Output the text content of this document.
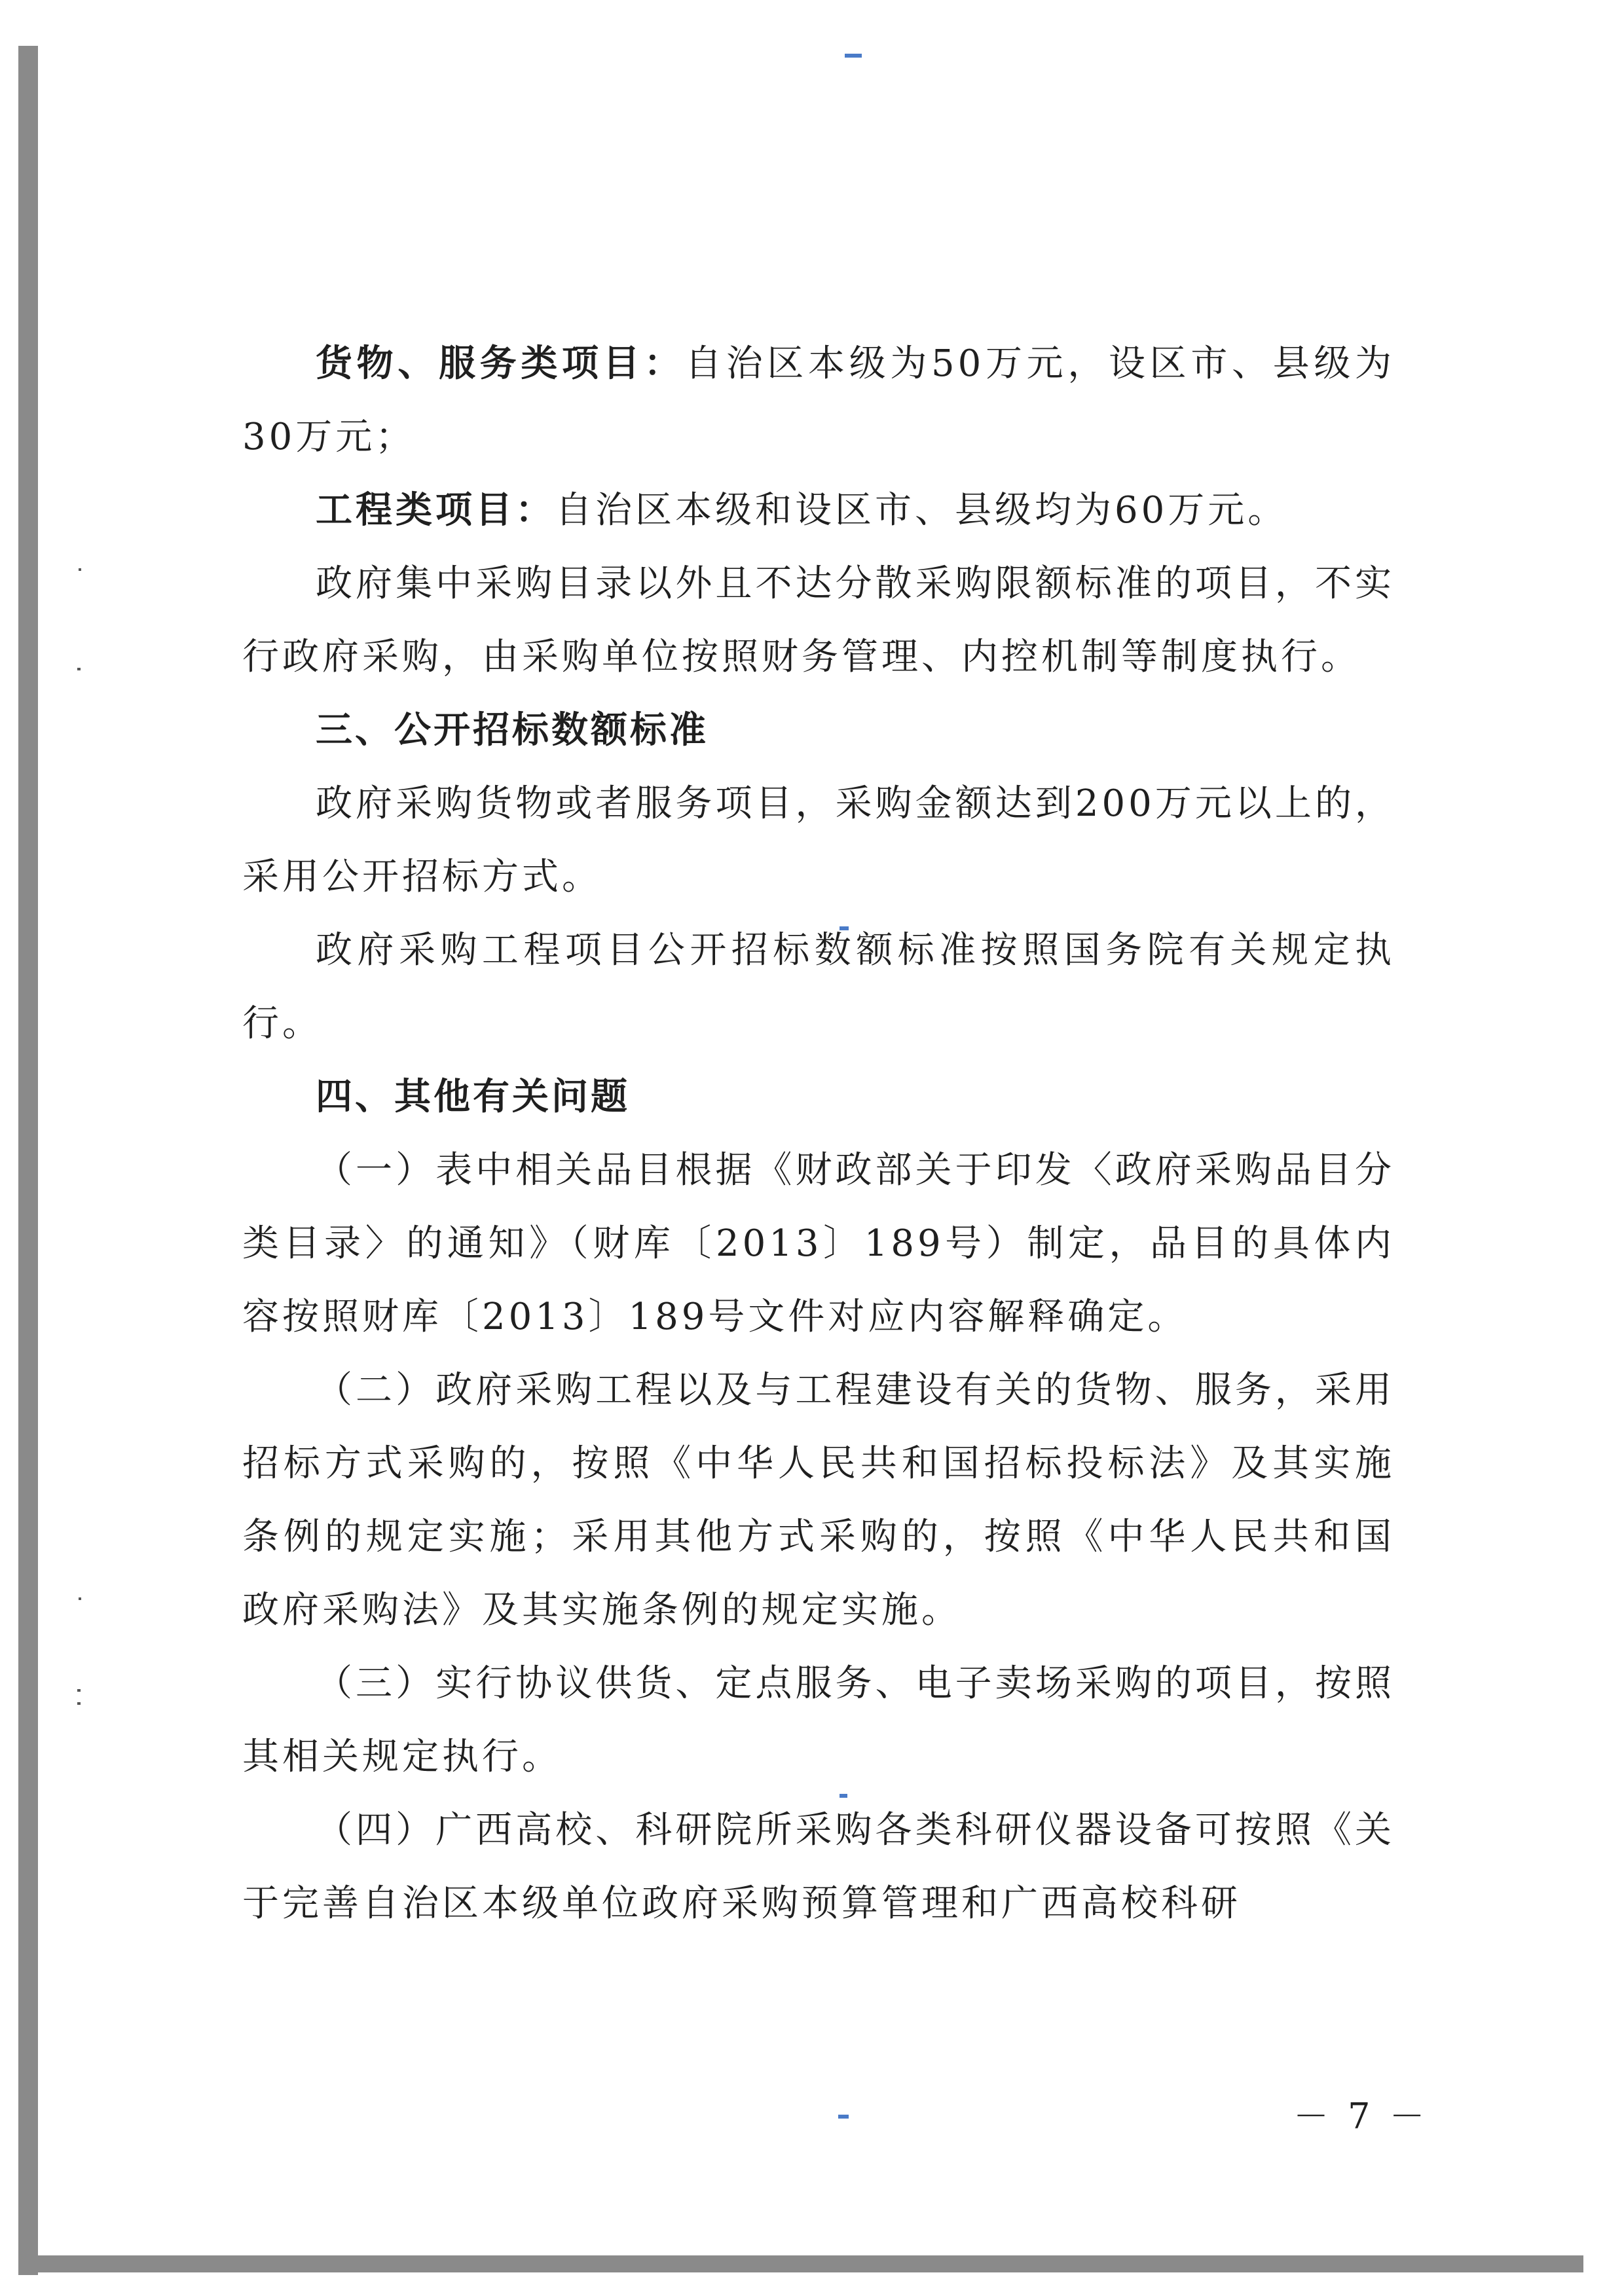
货物、服务类项目：自治区本级为50万元，设区市、县级为30万元；

工程类项目：自治区本级和设区市、县级均为60万元。

政府集中采购目录以外且不达分散采购限额标准的项目，不实行政府采购，由采购单位按照财务管理、内控机制等制度执行。

三、公开招标数额标准

政府采购货物或者服务项目，采购金额达到200万元以上的，采用公开招标方式。

政府采购工程项目公开招标数额标准按照国务院有关规定执行。

四、其他有关问题

（一）表中相关品目根据《财政部关于印发〈政府采购品目分类目录〉的通知》（财库〔2013〕189号）制定，品目的具体内容按照财库〔2013〕189号文件对应内容解释确定。

（二）政府采购工程以及与工程建设有关的货物、服务，采用招标方式采购的，按照《中华人民共和国招标投标法》及其实施条例的规定实施；采用其他方式采购的，按照《中华人民共和国政府采购法》及其实施条例的规定实施。

（三）实行协议供货、定点服务、电子卖场采购的项目，按照其相关规定执行。

（四）广西高校、科研院所采购各类科研仪器设备可按照《关于完善自治区本级单位政府采购预算管理和广西高校科研

－ 7 －
